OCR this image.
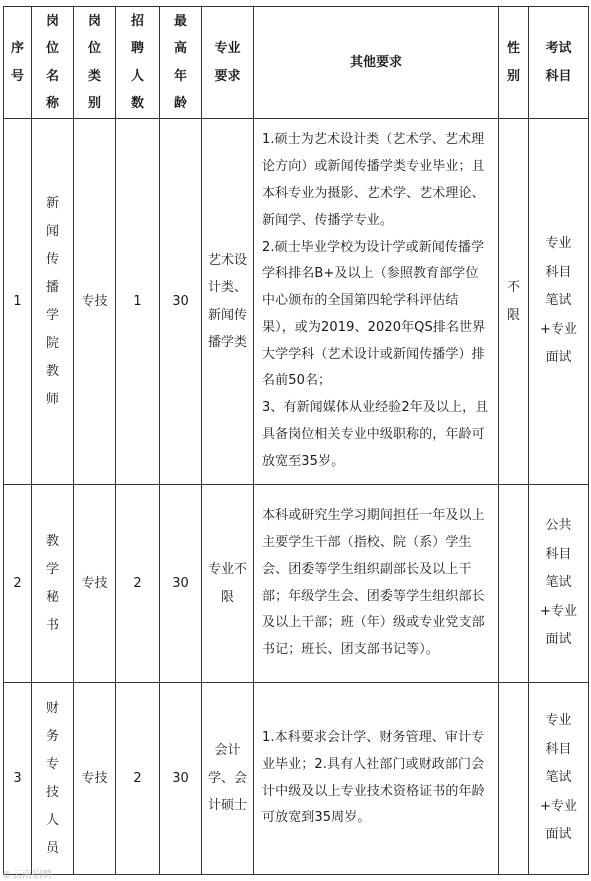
序号	岗位名称	岗位类别	招聘人数	最高年龄	专业要求	其他要求	性别	考试科目
1	新闻传播学院教师	专技	1	30	艺术设计类、新闻传播学类	1.硕士为艺术设计类（艺术学、艺术理论方向）或新闻传播学类专业毕业；且本科专业为摄影、艺术学、艺术理论、新闻学、传播学专业。
2.硕士毕业学校为设计学或新闻传播学学科排名B+及以上（参照教育部学位中心颁布的全国第四轮学科评估结果），或为2019、2020年QS排名世界大学学科（艺术设计或新闻传播学）排名前50名；
3、有新闻媒体从业经验2年及以上，且具备岗位相关专业中级职称的，年龄可放宽至35岁。	不限	专业科目笔试+专业面试
2	教学秘书	专技	2	30	专业不限	本科或研究生学习期间担任一年及以上主要学生干部（指校、院（系）学生会、团委等学生组织副部长及以上干部；年级学生会、团委等学生组织部长及以上干部；班（年）级或专业党支部书记；班长、团支部书记等）。		公共科目笔试+专业面试
3	财务专技人员	专技	2	30	会计学、会计硕士	1.本科要求会计学、财务管理、审计专业毕业；2.具有人社部门或财政部门会计中级及以上专业技术资格证书的年龄可放宽到35周岁。		专业科目笔试+专业面试
©云南招聘
